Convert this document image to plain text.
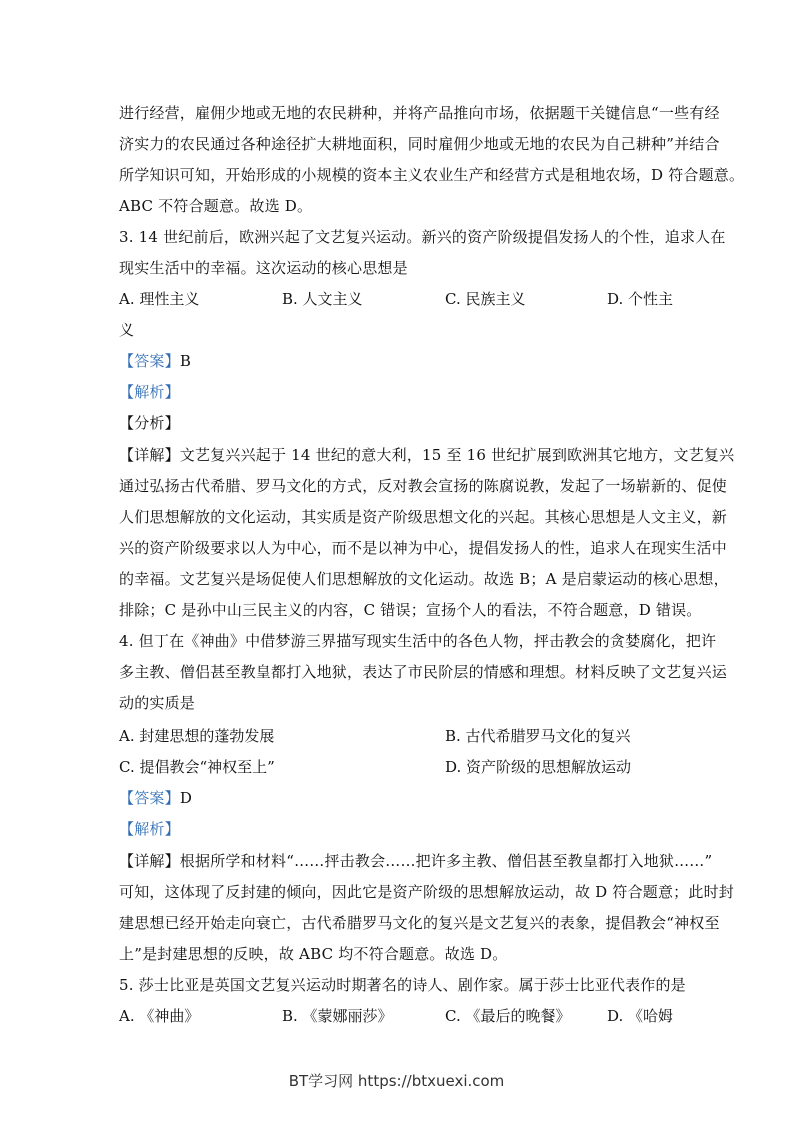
进行经营，雇佣少地或无地的农民耕种，并将产品推向市场，依据题干关键信息“一些有经
济实力的农民通过各种途径扩大耕地面积，同时雇佣少地或无地的农民为自己耕种”并结合
所学知识可知，开始形成的小规模的资本主义农业生产和经营方式是租地农场，D 符合题意。
ABC 不符合题意。故选 D。
3. 14 世纪前后，欧洲兴起了文艺复兴运动。新兴的资产阶级提倡发扬人的个性，追求人在
现实生活中的幸福。这次运动的核心思想是
A. 理性主义	B. 人文主义	C. 民族主义	D. 个性主
义
【答案】B
【解析】
【分析】
【详解】文艺复兴兴起于 14 世纪的意大利，15 至 16 世纪扩展到欧洲其它地方，文艺复兴
通过弘扬古代希腊、罗马文化的方式，反对教会宣扬的陈腐说教，发起了一场崭新的、促使
人们思想解放的文化运动，其实质是资产阶级思想文化的兴起。其核心思想是人文主义，新
兴的资产阶级要求以人为中心，而不是以神为中心，提倡发扬人的性，追求人在现实生活中
的幸福。文艺复兴是场促使人们思想解放的文化运动。故选 B；A 是启蒙运动的核心思想，
排除；C 是孙中山三民主义的内容，C 错误；宣扬个人的看法，不符合题意，D 错误。
4. 但丁在《神曲》中借梦游三界描写现实生活中的各色人物，抨击教会的贪婪腐化，把许
多主教、僧侣甚至教皇都打入地狱，表达了市民阶层的情感和理想。材料反映了文艺复兴运
动的实质是
A. 封建思想的蓬勃发展	B. 古代希腊罗马文化的复兴
C. 提倡教会“神权至上”	D. 资产阶级的思想解放运动
【答案】D
【解析】
【详解】根据所学和材料“……抨击教会……把许多主教、僧侣甚至教皇都打入地狱……”
可知，这体现了反封建的倾向，因此它是资产阶级的思想解放运动，故 D 符合题意；此时封
建思想已经开始走向衰亡，古代希腊罗马文化的复兴是文艺复兴的表象，提倡教会“神权至
上”是封建思想的反映，故 ABC 均不符合题意。故选 D。
5. 莎士比亚是英国文艺复兴运动时期著名的诗人、剧作家。属于莎士比亚代表作的是
A. 《神曲》	B. 《蒙娜丽莎》	C. 《最后的晚餐》 D. 《哈姆
BT学习网 https://btxuexi.com
